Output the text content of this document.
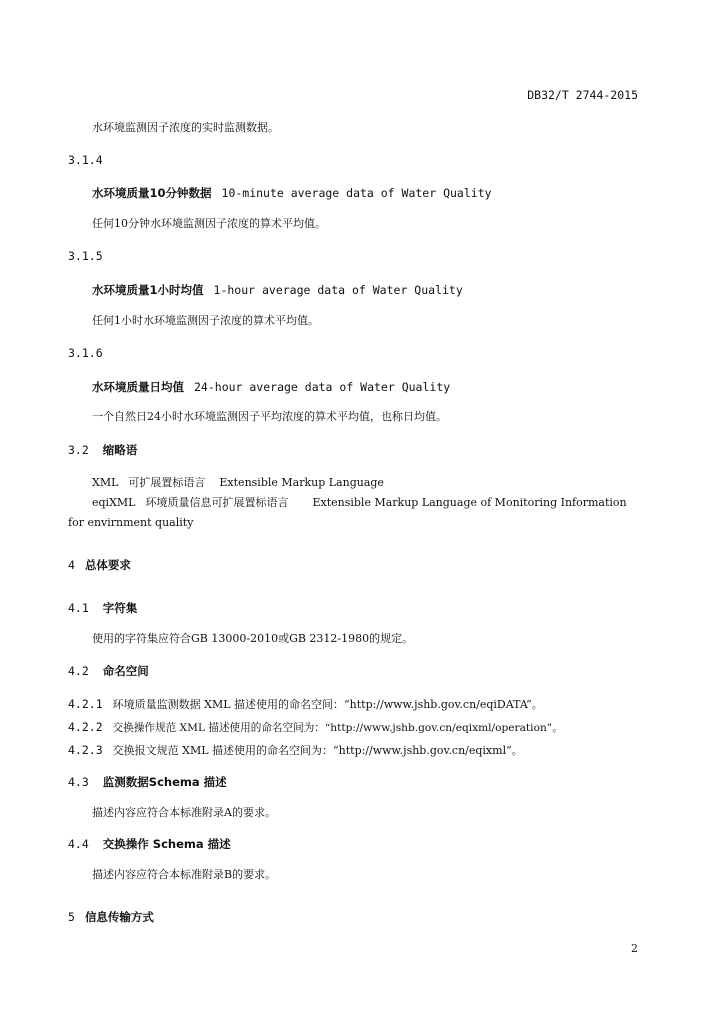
DB32/T 2744-2015
水环境监测因子浓度的实时监测数据。
3.1.4
水环境质量10分钟数据 10-minute average data of Water Quality
任何10分钟水环境监测因子浓度的算术平均值。
3.1.5
水环境质量1小时均值 1-hour average data of Water Quality
任何1小时水环境监测因子浓度的算术平均值。
3.1.6
水环境质量日均值 24-hour average data of Water Quality
一个自然日24小时水环境监测因子平均浓度的算术平均值，也称日均值。
3.2 缩略语
XML 可扩展置标语言 Extensible Markup Language
eqiXML 环境质量信息可扩展置标语言 Extensible Markup Language of Monitoring Information
for envirnment quality
4 总体要求
4.1 字符集
使用的字符集应符合GB 13000-2010或GB 2312-1980的规定。
4.2 命名空间
4.2.1 环境质量监测数据 XML 描述使用的命名空间：“http://www.jshb.gov.cn/eqiDATA”。
4.2.2 交换操作规范 XML 描述使用的命名空间为：“http://www.jshb.gov.cn/eqixml/operation”。
4.2.3 交换报文规范 XML 描述使用的命名空间为：“http://www.jshb.gov.cn/eqixml”。
4.3 监测数据Schema 描述
描述内容应符合本标准附录A的要求。
4.4 交换操作 Schema 描述
描述内容应符合本标准附录B的要求。
5 信息传输方式
2
